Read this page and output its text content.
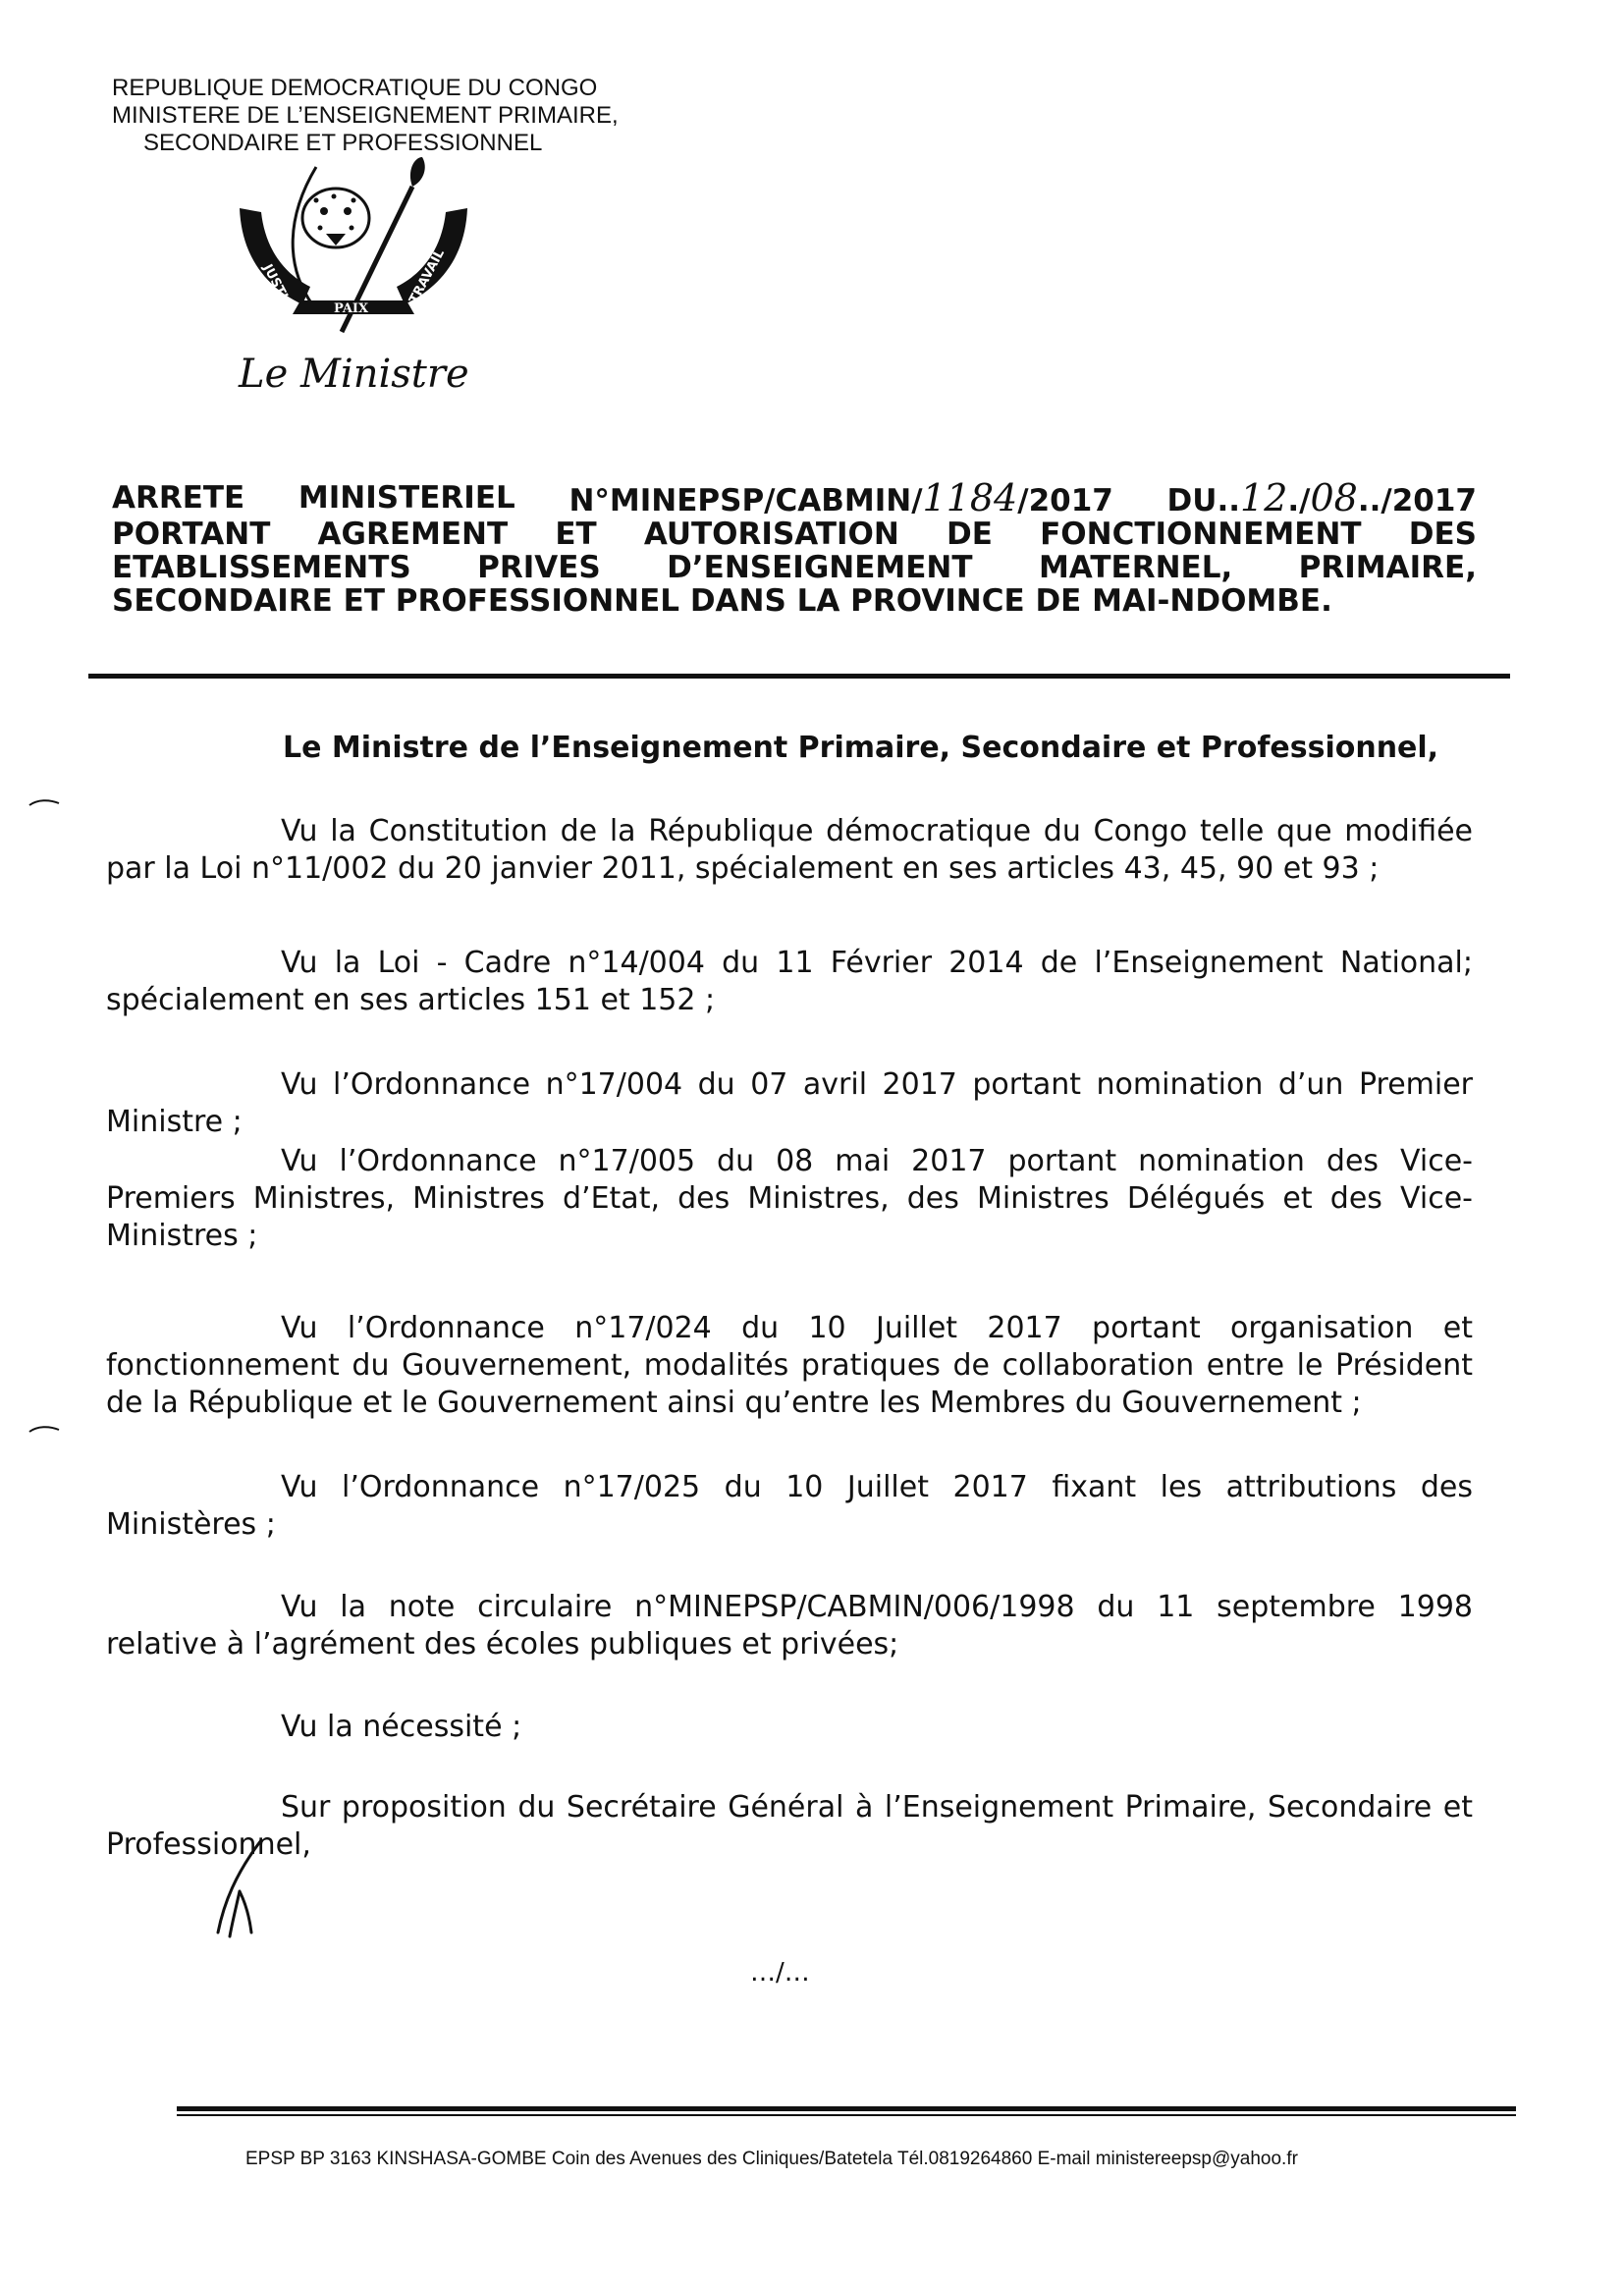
REPUBLIQUE DEMOCRATIQUE DU CONGO
MINISTERE DE L’ENSEIGNEMENT PRIMAIRE,
SECONDAIRE ET PROFESSIONNEL
JUSTICE	TRAVAIL
PAIX
Le Ministre
ARRETE MINISTERIEL N°MINEPSP/CABMIN/1184/2017 DU..12./08../2017
PORTANT AGREMENT ET AUTORISATION DE FONCTIONNEMENT DES
ETABLISSEMENTS PRIVES D’ENSEIGNEMENT MATERNEL, PRIMAIRE,
SECONDAIRE ET PROFESSIONNEL DANS LA PROVINCE DE MAI-NDOMBE.
Le Ministre de l’Enseignement Primaire, Secondaire et Professionnel,

Vu la Constitution de la République démocratique du Congo telle que modifiée par la Loi n°11/002 du 20 janvier 2011, spécialement en ses articles 43, 45, 90 et 93 ;

Vu la Loi - Cadre n°14/004 du 11 Février 2014 de l’Enseignement National; spécialement en ses articles 151 et 152 ;

Vu l’Ordonnance n°17/004 du 07 avril 2017 portant nomination d’un Premier Ministre ;

Vu l’Ordonnance n°17/005 du 08 mai 2017 portant nomination des Vice-Premiers Ministres, Ministres d’Etat, des Ministres, des Ministres Délégués et des Vice-Ministres ;

Vu l’Ordonnance n°17/024 du 10 Juillet 2017 portant organisation et fonctionnement du Gouvernement, modalités pratiques de collaboration entre le Président de la République et le Gouvernement ainsi qu’entre les Membres du Gouvernement ;

Vu l’Ordonnance n°17/025 du 10 Juillet 2017 fixant les attributions des Ministères ;

Vu la note circulaire n°MINEPSP/CABMIN/006/1998 du 11 septembre 1998 relative à l’agrément des écoles publiques et privées;

Vu la nécessité ;

Sur proposition du Secrétaire Général à l’Enseignement Primaire, Secondaire et Professionnel,

…/…
EPSP BP 3163 KINSHASA-GOMBE Coin des Avenues des Cliniques/Batetela Tél.0819264860 E-mail ministereepsp@yahoo.fr
